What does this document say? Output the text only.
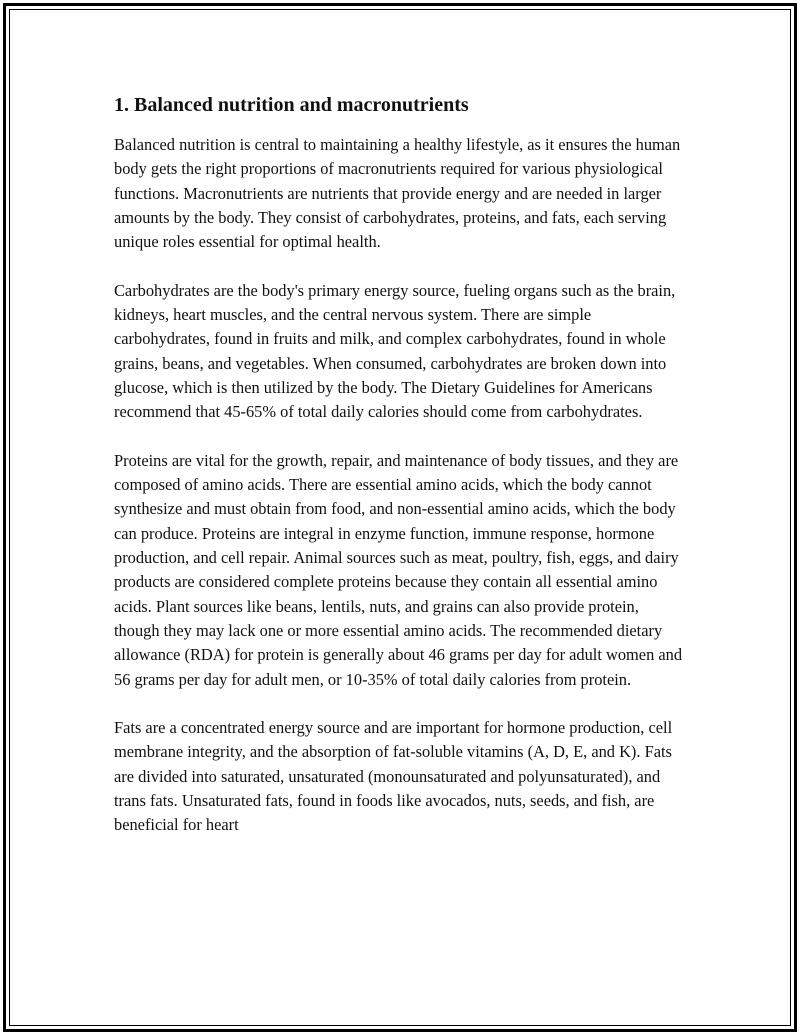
1. Balanced nutrition and macronutrients

Balanced nutrition is central to maintaining a healthy lifestyle, as it ensures the human body gets the right proportions of macronutrients required for various physiological functions. Macronutrients are nutrients that provide energy and are needed in larger amounts by the body. They consist of carbohydrates, proteins, and fats, each serving unique roles essential for optimal health.

Carbohydrates are the body's primary energy source, fueling organs such as the brain, kidneys, heart muscles, and the central nervous system. There are simple carbohydrates, found in fruits and milk, and complex carbohydrates, found in whole grains, beans, and vegetables. When consumed, carbohydrates are broken down into glucose, which is then utilized by the body. The Dietary Guidelines for Americans recommend that 45-65% of total daily calories should come from carbohydrates.

Proteins are vital for the growth, repair, and maintenance of body tissues, and they are composed of amino acids. There are essential amino acids, which the body cannot synthesize and must obtain from food, and non-essential amino acids, which the body can produce. Proteins are integral in enzyme function, immune response, hormone production, and cell repair. Animal sources such as meat, poultry, fish, eggs, and dairy products are considered complete proteins because they contain all essential amino acids. Plant sources like beans, lentils, nuts, and grains can also provide protein, though they may lack one or more essential amino acids. The recommended dietary allowance (RDA) for protein is generally about 46 grams per day for adult women and 56 grams per day for adult men, or 10-35% of total daily calories from protein.

Fats are a concentrated energy source and are important for hormone production, cell membrane integrity, and the absorption of fat-soluble vitamins (A, D, E, and K). Fats are divided into saturated, unsaturated (monounsaturated and polyunsaturated), and trans fats. Unsaturated fats, found in foods like avocados, nuts, seeds, and fish, are beneficial for heart
